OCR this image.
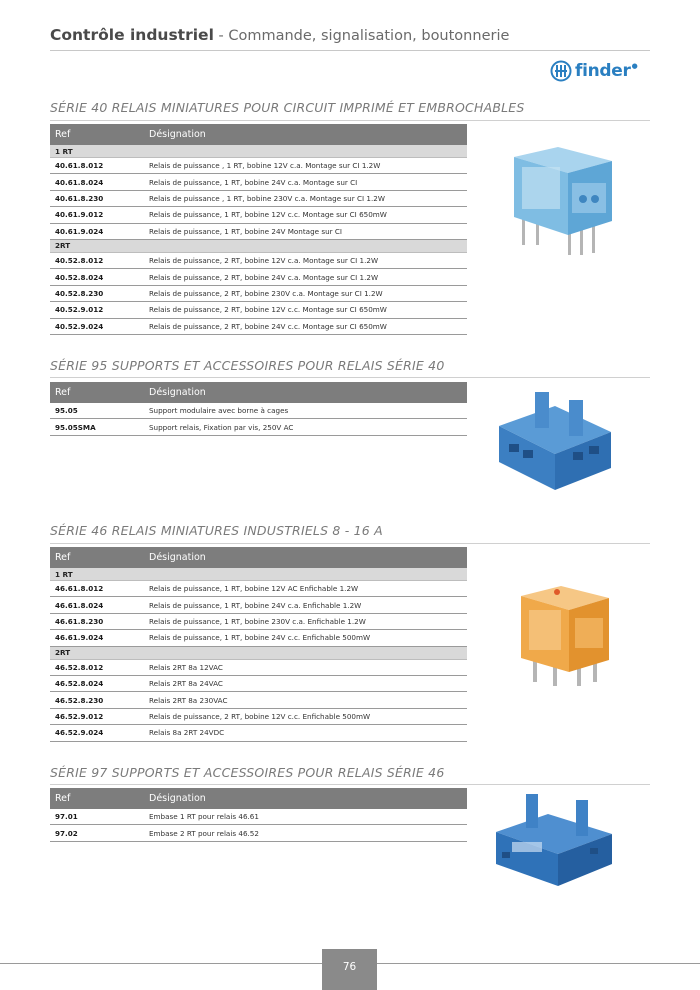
Contrôle industriel - Commande, signalisation, boutonnerie
finder ●
SÉRIE 40 RELAIS MINIATURES POUR CIRCUIT IMPRIMÉ ET EMBROCHABLES
Ref	Désignation
1 RT	
40.61.8.012	Relais de puissance , 1 RT, bobine 12V c.a. Montage sur CI 1.2W
40.61.8.024	Relais de puissance, 1 RT, bobine 24V c.a. Montage sur CI
40.61.8.230	Relais de puissance , 1 RT, bobine 230V c.a. Montage sur CI 1.2W
40.61.9.012	Relais de puissance, 1 RT, bobine 12V c.c. Montage sur CI 650mW
40.61.9.024	Relais de puissance, 1 RT, bobine 24V Montage sur CI
2RT	
40.52.8.012	Relais de puissance, 2 RT, bobine 12V c.a. Montage sur CI 1.2W
40.52.8.024	Relais de puissance, 2 RT, bobine 24V c.a. Montage sur CI 1.2W
40.52.8.230	Relais de puissance, 2 RT, bobine 230V c.a. Montage sur CI 1.2W
40.52.9.012	Relais de puissance, 2 RT, bobine 12V c.c. Montage sur CI 650mW
40.52.9.024	Relais de puissance, 2 RT, bobine 24V c.c. Montage sur CI 650mW
SÉRIE 95 SUPPORTS ET ACCESSOIRES POUR RELAIS SÉRIE 40
Ref	Désignation
95.05	Support modulaire avec borne à cages
95.05SMA	Support relais, Fixation par vis, 250V AC
SÉRIE 46 RELAIS MINIATURES INDUSTRIELS 8 - 16 A
Ref	Désignation
1 RT	
46.61.8.012	Relais de puissance, 1 RT, bobine 12V AC Enfichable 1.2W
46.61.8.024	Relais de puissance, 1 RT, bobine 24V c.a. Enfichable 1.2W
46.61.8.230	Relais de puissance, 1 RT, bobine 230V c.a. Enfichable 1.2W
46.61.9.024	Relais de puissance, 1 RT, bobine 24V c.c. Enfichable 500mW
2RT	
46.52.8.012	Relais 2RT 8a 12VAC
46.52.8.024	Relais 2RT 8a 24VAC
46.52.8.230	Relais 2RT 8a 230VAC
46.52.9.012	Relais de puissance, 2 RT, bobine 12V c.c. Enfichable 500mW
46.52.9.024	Relais 8a 2RT 24VDC
SÉRIE 97 SUPPORTS ET ACCESSOIRES POUR RELAIS SÉRIE 46
Ref	Désignation
97.01	Embase 1 RT pour relais 46.61
97.02	Embase 2 RT pour relais 46.52
76
